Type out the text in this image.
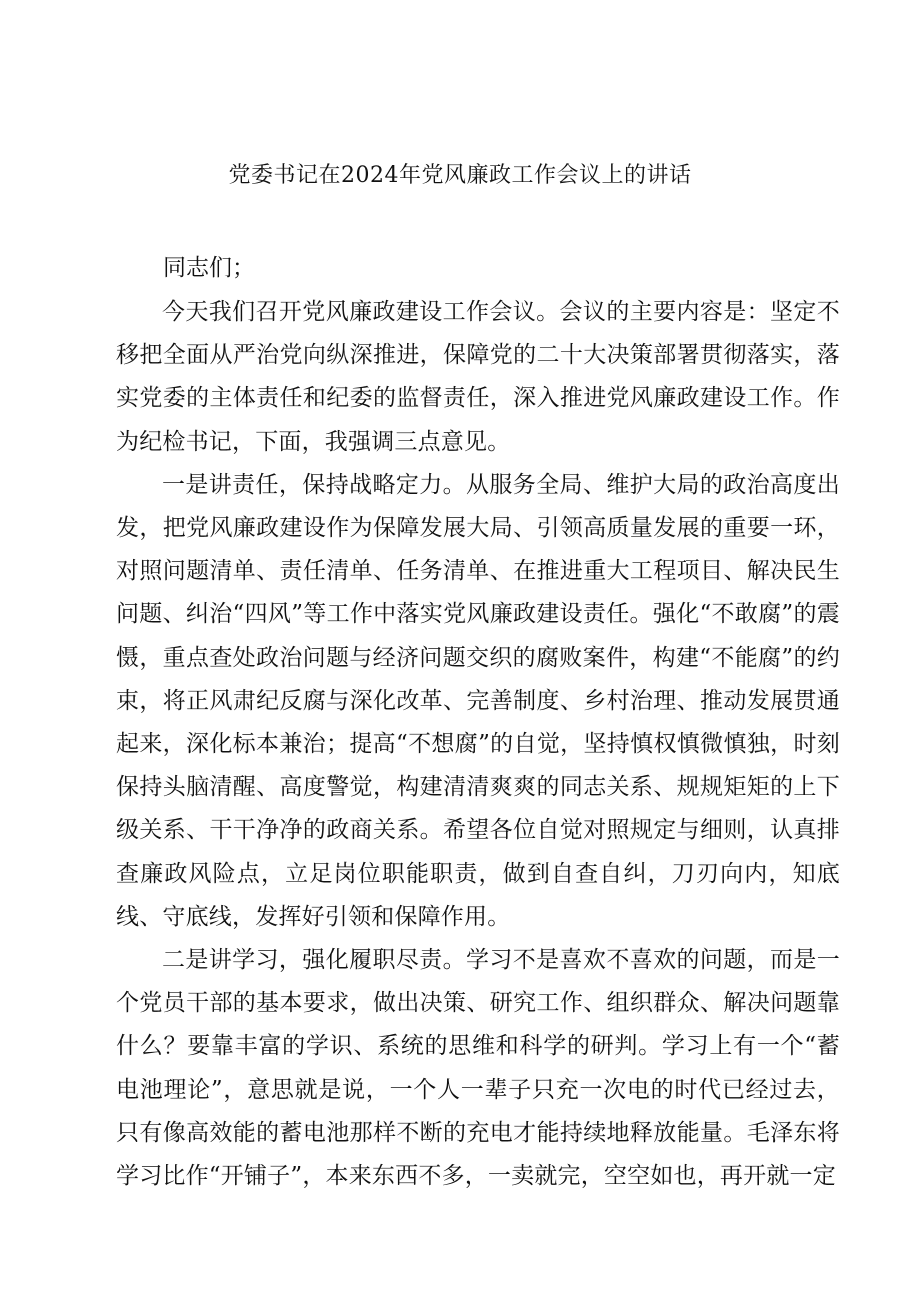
党委书记在2024年党风廉政工作会议上的讲话
同志们；

今天我们召开党风廉政建设工作会议。会议的主要内容是：坚定不移把全面从严治党向纵深推进，保障党的二十大决策部署贯彻落实，落实党委的主体责任和纪委的监督责任，深入推进党风廉政建设工作。作为纪检书记，下面，我强调三点意见。

一是讲责任，保持战略定力。从服务全局、维护大局的政治高度出发，把党风廉政建设作为保障发展大局、引领高质量发展的重要一环，对照问题清单、责任清单、任务清单、在推进重大工程项目、解决民生问题、纠治“四风”等工作中落实党风廉政建设责任。强化“不敢腐”的震慑，重点查处政治问题与经济问题交织的腐败案件，构建“不能腐”的约束，将正风肃纪反腐与深化改革、完善制度、乡村治理、推动发展贯通起来，深化标本兼治；提高“不想腐”的自觉，坚持慎权慎微慎独，时刻保持头脑清醒、高度警觉，构建清清爽爽的同志关系、规规矩矩的上下级关系、干干净净的政商关系。希望各位自觉对照规定与细则，认真排查廉政风险点，立足岗位职能职责，做到自查自纠，刀刃向内，知底线、守底线，发挥好引领和保障作用。

二是讲学习，强化履职尽责。学习不是喜欢不喜欢的问题，而是一个党员干部的基本要求，做出决策、研究工作、组织群众、解决问题靠什么？要靠丰富的学识、系统的思维和科学的研判。学习上有一个“蓄电池理论”，意思就是说，一个人一辈子只充一次电的时代已经过去，只有像高效能的蓄电池那样不断的充电才能持续地释放能量。毛泽东将学习比作“开铺子”，本来东西不多，一卖就完，空空如也，再开就一定
